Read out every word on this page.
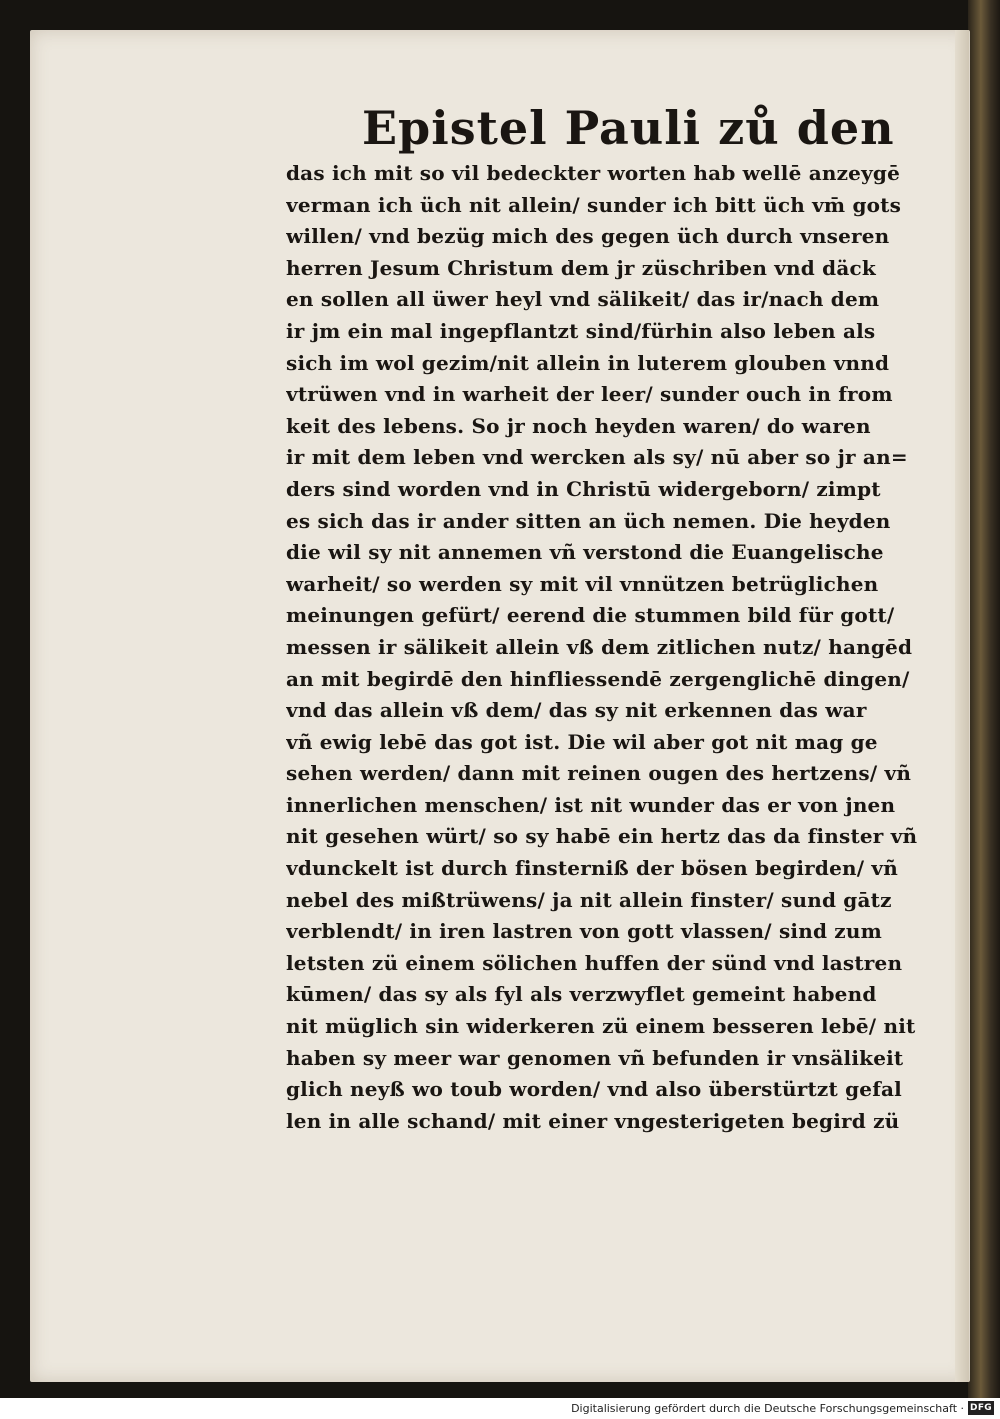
Epistel Pauli zů den
das ich mit so vil bedeckter worten hab wellē anzeygē
verman ich üch nit allein/ sunder ich bitt üch vm̄ gots
willen/ vnd bezüg mich des gegen üch durch vnseren
herren Jesum Christum dem jr züschriben vnd däck
en sollen all üwer heyl vnd sälikeit/ das ir/nach dem
ir jm ein mal ingepflantzt sind/fürhin also leben als
sich im wol gezim/nit allein in luterem glouben vnnd
vtrüwen vnd in warheit der leer/ sunder ouch in from
keit des lebens. So jr noch heyden waren/ do waren
ir mit dem leben vnd wercken als sy/ nū aber so jr an=
ders sind worden vnd in Christū widergeborn/ zimpt
es sich das ir ander sitten an üch nemen. Die heyden
die wil sy nit annemen vñ verstond die Euangelische
warheit/ so werden sy mit vil vnnützen betrüglichen
meinungen gefürt/ eerend die stummen bild für gott/
messen ir sälikeit allein vß dem zitlichen nutz/ hangēd
an mit begirdē den hinfliessendē zergenglichē dingen/
vnd das allein vß dem/ das sy nit erkennen das war
vñ ewig lebē das got ist. Die wil aber got nit mag ge
sehen werden/ dann mit reinen ougen des hertzens/ vñ
innerlichen menschen/ ist nit wunder das er von jnen
nit gesehen würt/ so sy habē ein hertz das da finster vñ
vdunckelt ist durch finsterniß der bösen begirden/ vñ
nebel des mißtrüwens/ ja nit allein finster/ sund gātz
verblendt/ in iren lastren von gott vlassen/ sind zum
letsten zü einem sölichen huffen der sünd vnd lastren
kūmen/ das sy als fyl als verzwyflet gemeint habend
nit müglich sin widerkeren zü einem besseren lebē/ nit
haben sy meer war genomen vñ befunden ir vnsälikeit
glich neyß wo toub worden/ vnd also überstürtzt gefal
len in alle schand/ mit einer vngesterigeten begird zü
Digitalisierung gefördert durch die Deutsche Forschungsgemeinschaft · DFG
